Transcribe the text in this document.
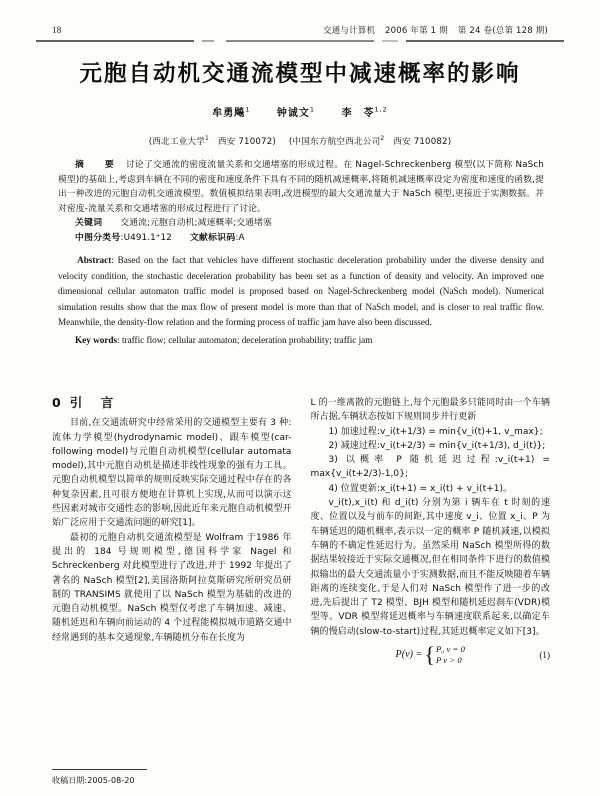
18	交通与计算机 2006 年第 1 期 第 24 卷(总第 128 期)
元胞自动机交通流模型中减速概率的影响
牟勇飚$^1$	钟诚文$^1$	李　苓$^{1,2}$
(西北工业大学$^1$　西安 710072) (中国东方航空西北公司$^2$　西安 710082)
摘　要 讨论了交通流的密度流量关系和交通堵塞的形成过程。在 Nagel-Schreckenberg 模型(以下简称 NaSch 模型)的基础上,考虑到车辆在不同的密度和速度条件下具有不同的随机减速概率,将随机减速概率设定为密度和速度的函数,提出一种改进的元胞自动机交通流模型。数值模拟结果表明,改进模型的最大交通流量大于 NaSch 模型,更接近于实测数据。并对密度-流量关系和交通堵塞的形成过程进行了讨论。
关键词 交通流;元胞自动机;减速概率;交通堵塞
中图分类号:U491.1⁺12 文献标识码:A
Abstract: Based on the fact that vehicles have different stochastic deceleration probability under the diverse density and velocity condition, the stochastic deceleration probability has been set as a function of density and velocity. An improved one dimensional cellular automaton traffic model is proposed based on Nagel-Schreckenberg model (NaSch model). Numerical simulation results show that the max flow of present model is more than that of NaSch model, and is closer to real traffic flow. Meanwhile, the density-flow relation and the forming process of traffic jam have also been discussed.
Key words: traffic flow; cellular automaton; deceleration probability; traffic jam
0 引　言

目前,在交通流研究中经常采用的交通模型主要有 3 种:流体力学模型(hydrodynamic model)、跟车模型(car-following model)与元胞自动机模型(cellular automata model),其中元胞自动机是描述非线性现象的强有力工具。元胞自动机模型以简单的规则反映实际交通过程中存在的各种复杂因素,且可很方便地在计算机上实现,从而可以演示这些因素对城市交通性态的影响,因此近年来元胞自动机模型开始广泛应用于交通流问题的研究[1]。

最初的元胞自动机交通流模型是 Wolfram 于1986 年提出的 184 号规则模型,德国科学家 Nagel 和 Schreckenberg 对此模型进行了改进,并于 1992 年提出了著名的 NaSch 模型[2],美国洛斯阿拉莫斯研究所研究员研制的 TRANSIMS 就使用了以 NaSch 模型为基础的改进的元胞自动机模型。NaSch 模型仅考虑了车辆加速、减速、随机延迟和车辆向前运动的 4 个过程能模拟城市道路交通中经常遇到的基本交通现象,车辆随机分布在长度为

L 的一维离散的元胞链上,每个元胞最多只能同时由一个车辆所占据,车辆状态按如下规则同步并行更新

1) 加速过程:v_i(t+1/3) = min{v_i(t)+1, v_max};

2) 减速过程:v_i(t+2/3) = min{v_i(t+1/3), d_i(t)};

3) 以概率 P 随机延迟过程:v_i(t+1) = max{v_i(t+2/3)-1,0};

4) 位置更新:x_i(t+1) = x_i(t) + v_i(t+1)。

v_i(t),x_i(t) 和 d_i(t) 分别为第 i 辆车在 t 时刻的速度、位置以及与前车的间距,其中速度 v_i、位置 x_i、P 为车辆延迟的随机概率,表示以一定的概率 P 随机减速,以模拟车辆的不确定性延迟行为。虽然采用 NaSch 模型所得的数据结果较接近于实际交通概况,但在相同条件下进行的数值模拟输出的最大交通流量小于实测数据,而且不能反映随着车辆距离的连续变化,于是人们对 NaSch 模型作了进一步的改进,先后提出了 T2 模型、BJH 模型和随机延迟刹车(VDR)模型等。VDR 模型将延迟概率与车辆速度联系起来,以确定车辆的慢启动(slow-to-start)过程,其延迟概率定义如下[3]。

P(v) = { P₀ v = 0
P v > 0
(1)
收稿日期:2005-08-20
